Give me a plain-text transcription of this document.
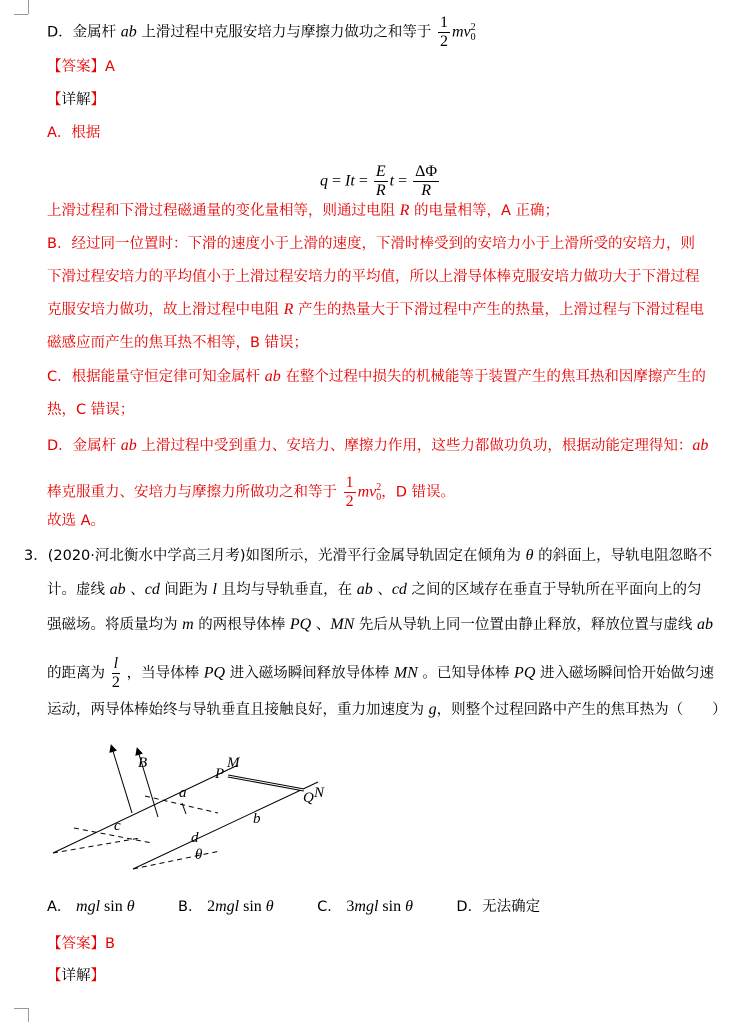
D．金属杆 ab 上滑过程中克服安培力与摩擦力做功之和等于 $\frac{1}{2}$ mv 2
0
【答案】A
【详解】
A．根据
$q = It = \frac{E}{R}$ $t = \frac{\Delta\Phi}{R}$
上滑过程和下滑过程磁通量的变化量相等，则通过电阻 R 的电量相等，A 正确；
B．经过同一位置时：下滑的速度小于上滑的速度，下滑时棒受到的安培力小于上滑所受的安培力，则
下滑过程安培力的平均值小于上滑过程安培力的平均值，所以上滑导体棒克服安培力做功大于下滑过程
克服安培力做功，故上滑过程中电阻 R 产生的热量大于下滑过程中产生的热量，上滑过程与下滑过程电
磁感应而产生的焦耳热不相等，B 错误；
C．根据能量守恒定律可知金属杆 ab 在整个过程中损失的机械能等于装置产生的焦耳热和因摩擦产生的
热，C 错误；
D．金属杆 ab 上滑过程中受到重力、安培力、摩擦力作用，这些力都做功负功，根据动能定理得知：ab
棒克服重力、安培力与摩擦力所做功之和等于 $\frac{1}{2}$ mv 2
0 ，D 错误。
故选 A。
3．(2020·河北衡水中学高三月考)如图所示，光滑平行金属导轨固定在倾角为 θ 的斜面上，导轨电阻忽略不
计。虚线 ab 、cd 间距为 l 且均与导轨垂直，在 ab 、cd 之间的区域存在垂直于导轨所在平面向上的匀
强磁场。将质量均为 m 的两根导体棒 PQ 、MN 先后从导轨上同一位置由静止释放，释放位置与虚线 ab
的距离为 $\frac{l}{2}$ ，当导体棒 PQ 进入磁场瞬间释放导体棒 MN 。已知导体棒 PQ 进入磁场瞬间恰开始做匀速
运动，两导体棒始终与导轨垂直且接触良好，重力加速度为 g，则整个过程回路中产生的焦耳热为（　　）
B
P
M
Q N
a
b
c
d
θ
A． mgl sin θ　　　B． 2mgl sin θ　　　C． 3mgl sin θ　　　D．无法确定
【答案】B
【详解】
